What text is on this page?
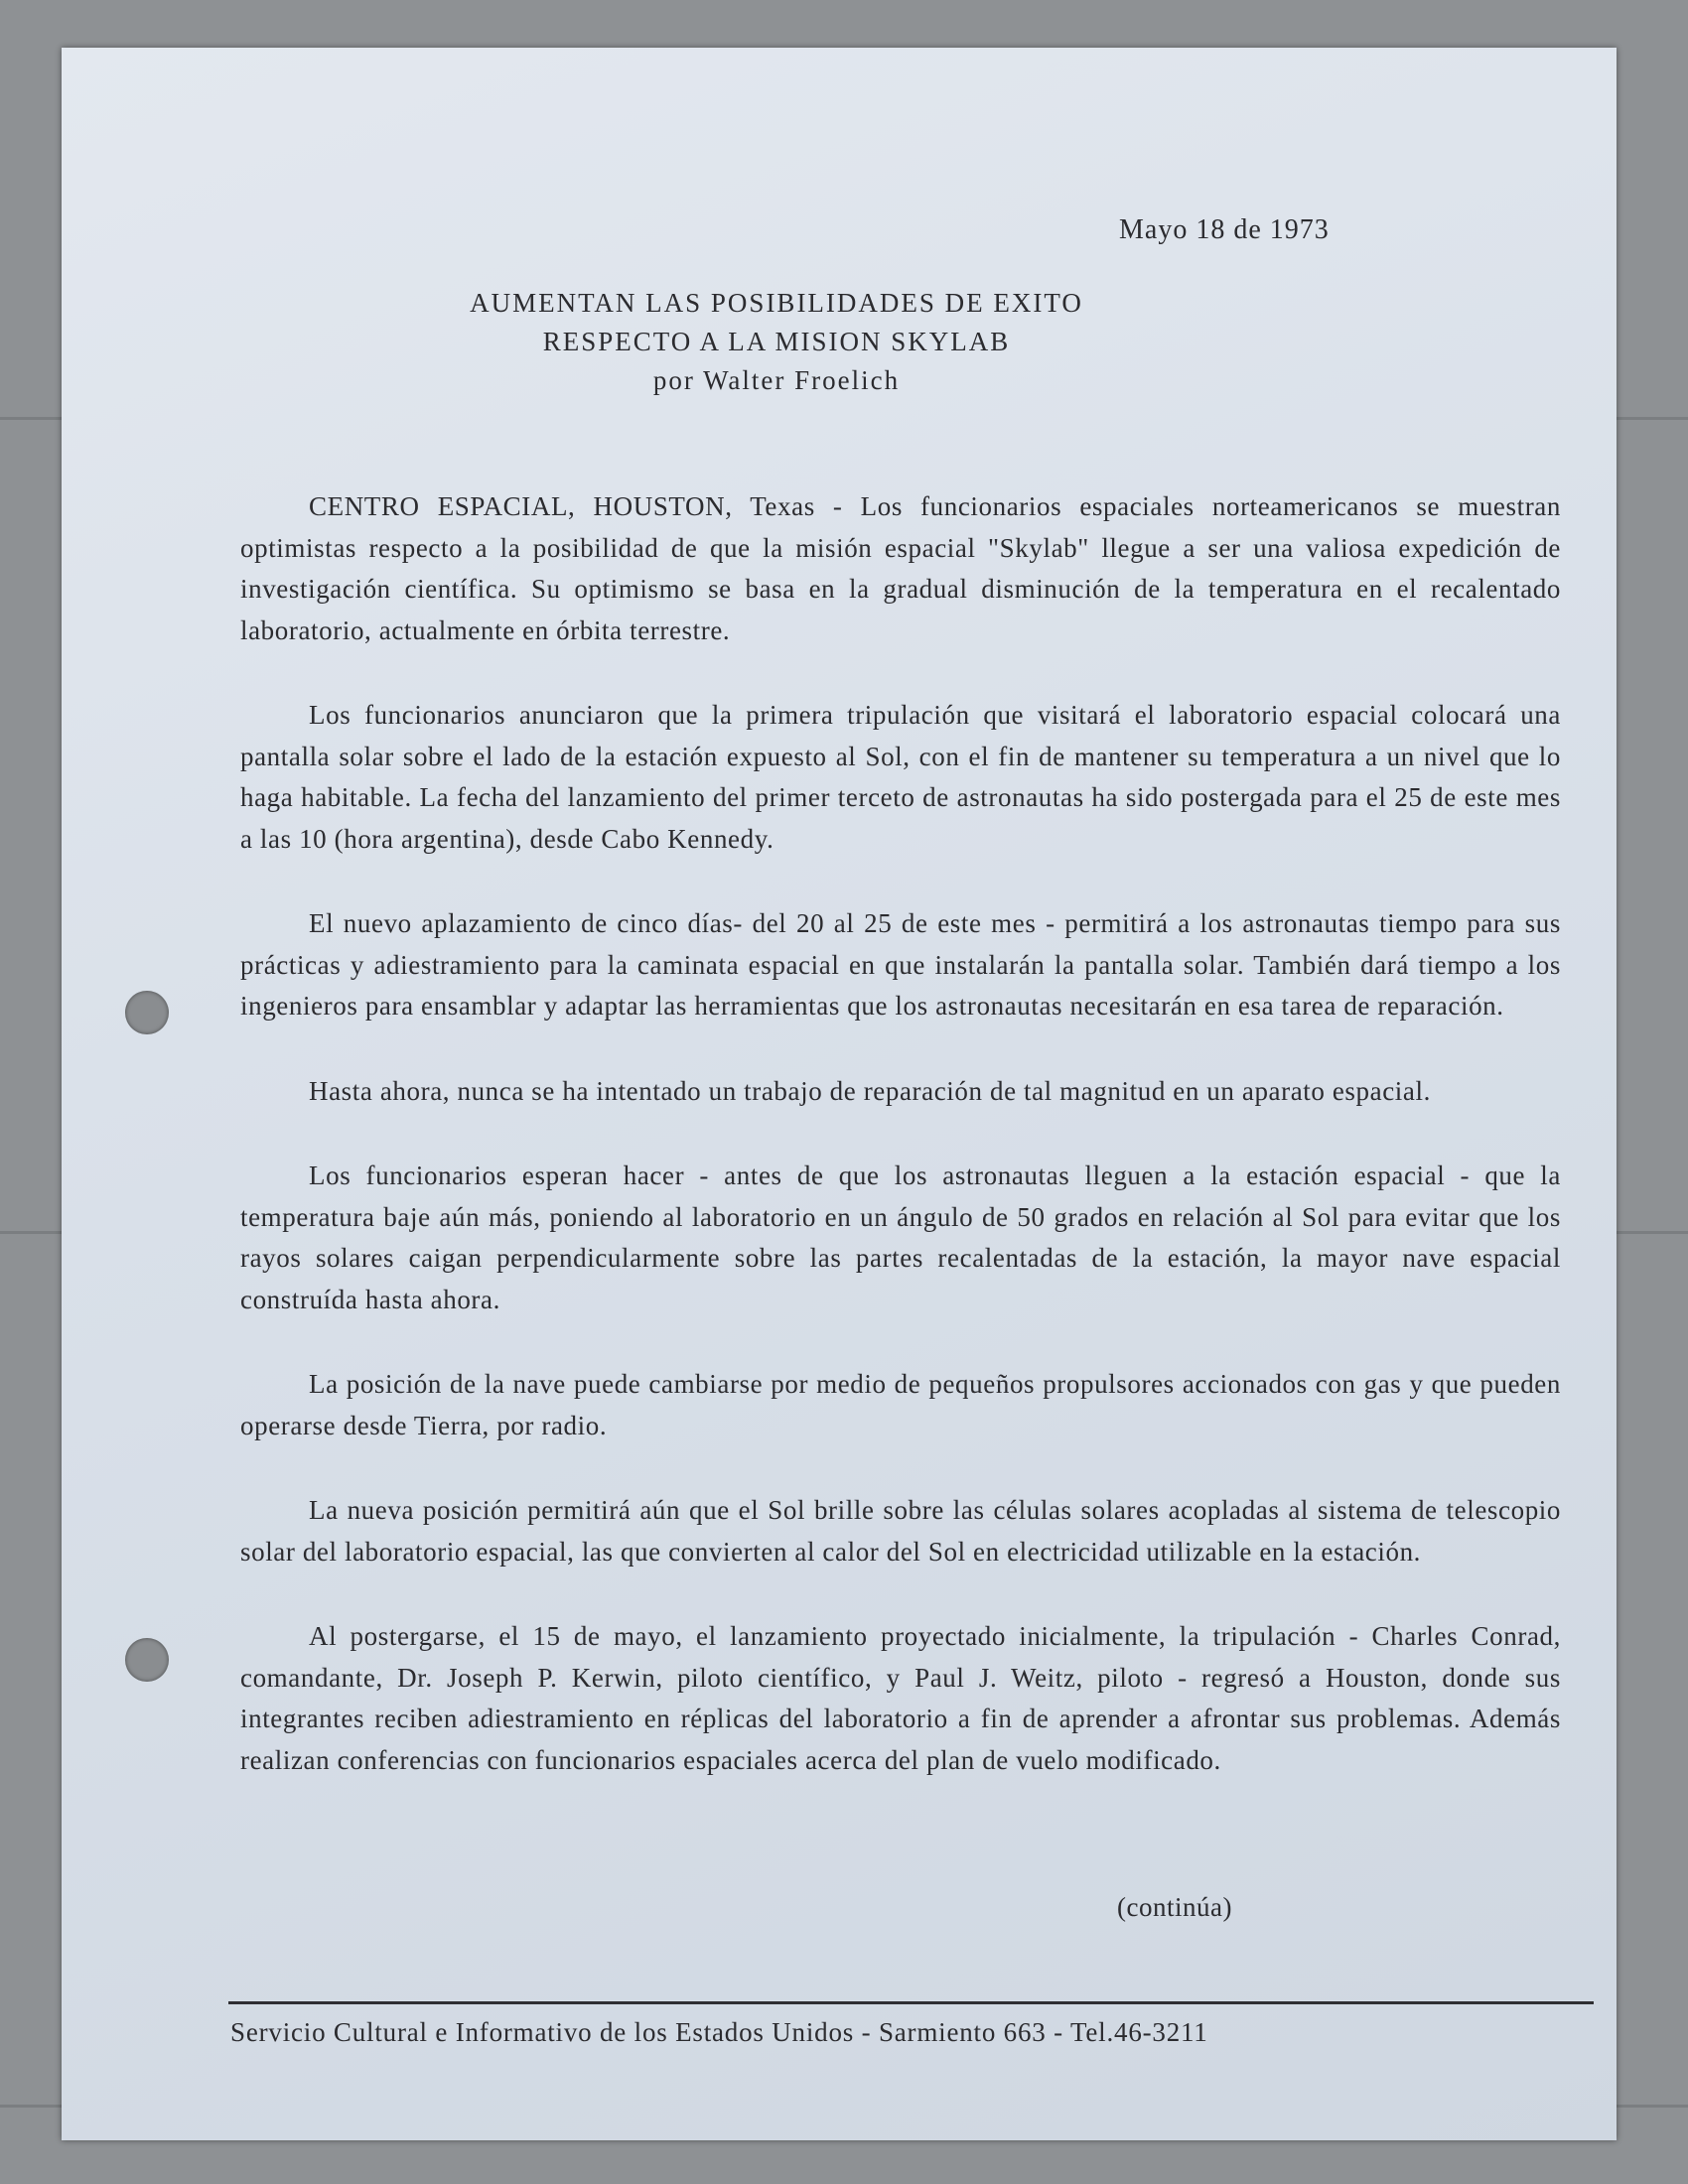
Mayo 18 de 1973

AUMENTAN LAS POSIBILIDADES DE EXITO
RESPECTO A LA MISION SKYLAB
por Walter Froelich

CENTRO ESPACIAL, HOUSTON, Texas - Los funcionarios espaciales norteamericanos se muestran optimistas respecto a la posibilidad de que la misión espacial "Skylab" llegue a ser una valiosa expedición de investigación científica. Su optimismo se basa en la gradual disminución de la temperatura en el recalentado laboratorio, actualmente en órbita terrestre.

Los funcionarios anunciaron que la primera tripulación que visitará el laboratorio espacial colocará una pantalla solar sobre el lado de la estación expuesto al Sol, con el fin de mantener su temperatura a un nivel que lo haga habitable. La fecha del lanzamiento del primer terceto de astronautas ha sido postergada para el 25 de este mes a las 10 (hora argentina), desde Cabo Kennedy.

El nuevo aplazamiento de cinco días- del 20 al 25 de este mes - permitirá a los astronautas tiempo para sus prácticas y adiestramiento para la caminata espacial en que instalarán la pantalla solar. También dará tiempo a los ingenieros para ensamblar y adaptar las herramientas que los astronautas necesitarán en esa tarea de reparación.

Hasta ahora, nunca se ha intentado un trabajo de reparación de tal magnitud en un aparato espacial.

Los funcionarios esperan hacer - antes de que los astronautas lleguen a la estación espacial - que la temperatura baje aún más, poniendo al laboratorio en un ángulo de 50 grados en relación al Sol para evitar que los rayos solares caigan perpendicularmente sobre las partes recalentadas de la estación, la mayor nave espacial construída hasta ahora.

La posición de la nave puede cambiarse por medio de pequeños propulsores accionados con gas y que pueden operarse desde Tierra, por radio.

La nueva posición permitirá aún que el Sol brille sobre las células solares acopladas al sistema de telescopio solar del laboratorio espacial, las que convierten al calor del Sol en electricidad utilizable en la estación.

Al postergarse, el 15 de mayo, el lanzamiento proyectado inicialmente, la tripulación - Charles Conrad, comandante, Dr. Joseph P. Kerwin, piloto científico, y Paul J. Weitz, piloto - regresó a Houston, donde sus integrantes reciben adiestramiento en réplicas del laboratorio a fin de aprender a afrontar sus problemas. Además realizan conferencias con funcionarios espaciales acerca del plan de vuelo modificado.

(continúa)

Servicio Cultural e Informativo de los Estados Unidos - Sarmiento 663 - Tel.46-3211
